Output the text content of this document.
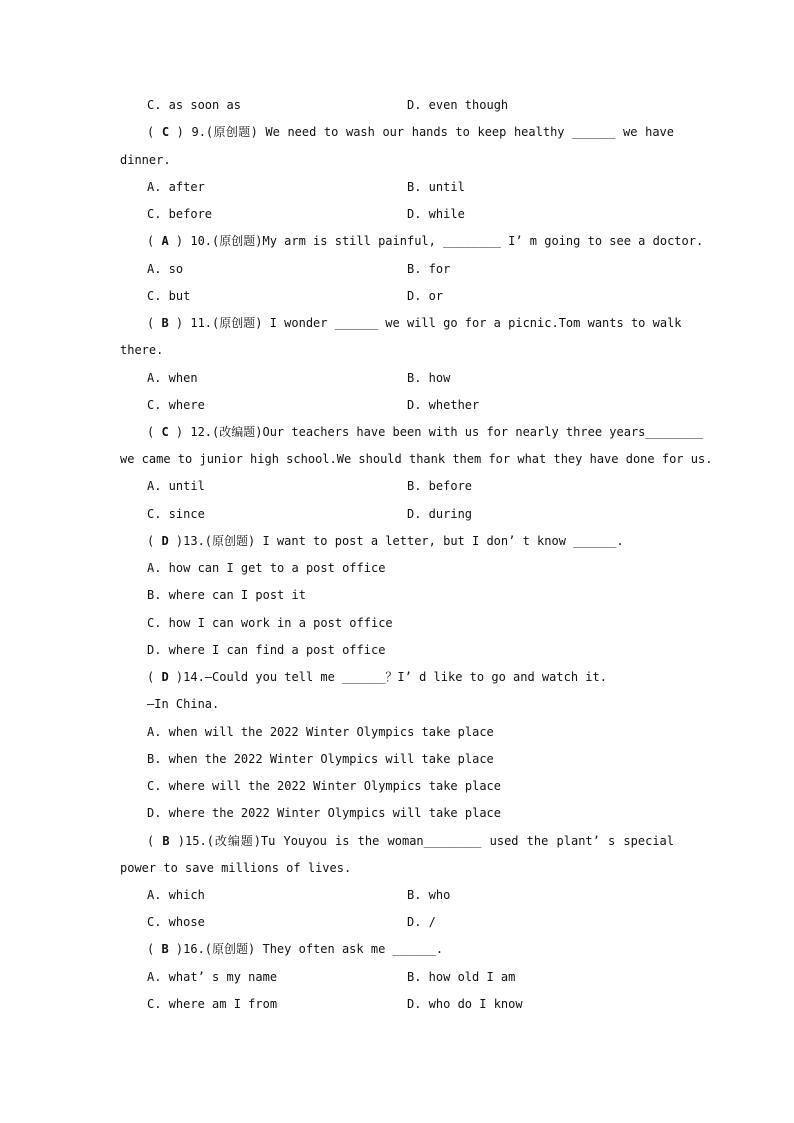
C. as soon as	D. even though
( C ) 9.(原创题) We need to wash our hands to keep healthy ______ we have
dinner.
A. after	B. until
C. before	D. while
( A ) 10.(原创题)My arm is still painful, ________ I’ m going to see a doctor.
A. so	B. for
C. but	D. or
( B ) 11.(原创题) I wonder ______ we will go for a picnic.Tom wants to walk
there.
A. when	B. how
C. where	D. whether
( C ) 12.(改编题)Our teachers have been with us for nearly three years________
we came to junior high school.We should thank them for what they have done for us.
A. until	B. before
C. since	D. during
( D )13.(原创题) I want to post a letter, but I don’ t know ______.
A. how can I get to a post office
B. where can I post it
C. how I can work in a post office
D. where I can find a post office
( D )14.—Could you tell me ______？I’ d like to go and watch it.
—In China.
A. when will the 2022 Winter Olympics take place
B. when the 2022 Winter Olympics will take place
C. where will the 2022 Winter Olympics take place
D. where the 2022 Winter Olympics will take place
( B )15.(改编题)Tu Youyou is the woman________ used the plant’ s special
power to save millions of lives.
A. which	B. who
C. whose	D. /
( B )16.(原创题) They often ask me ______.
A. what’ s my name	B. how old I am
C. where am I from	D. who do I know
